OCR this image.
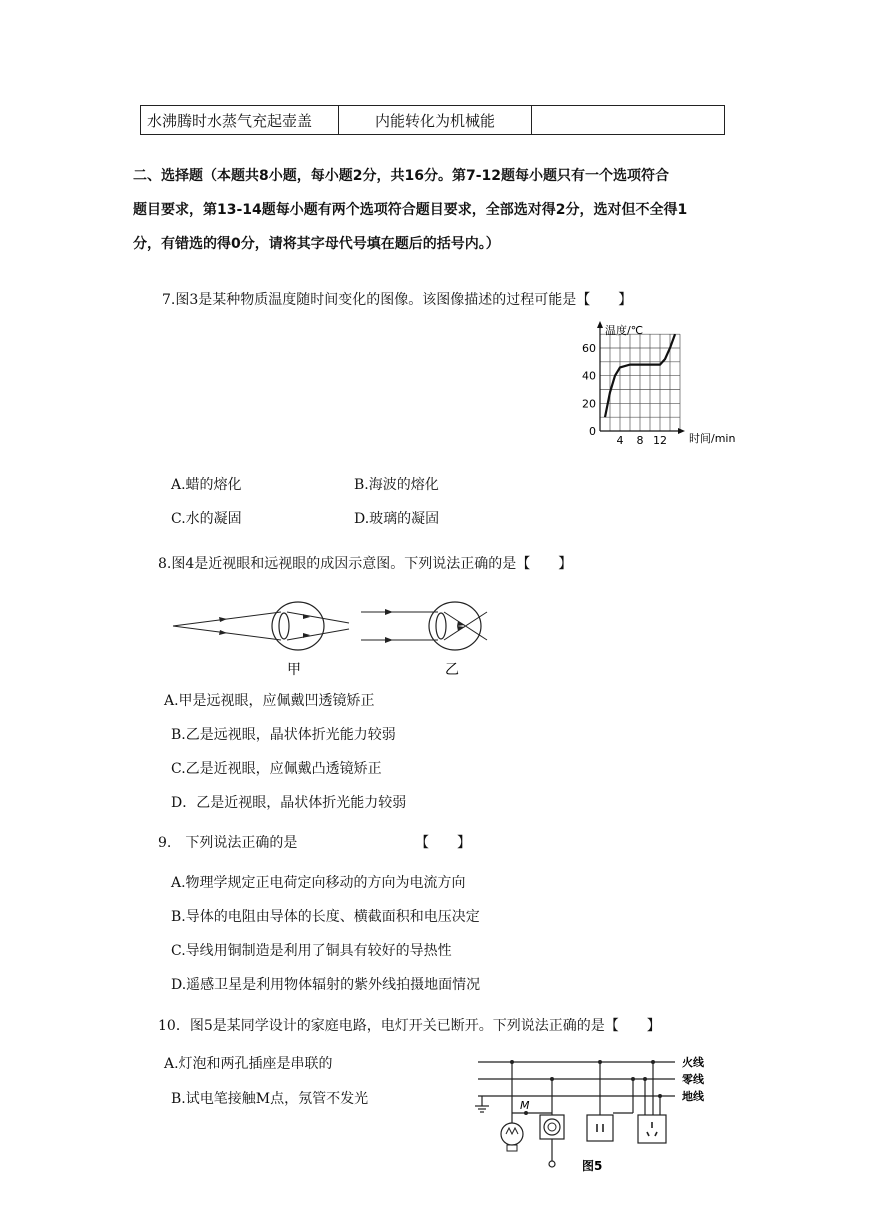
水沸腾时水蒸气充起壶盖	内能转化为机械能	
二、选择题（本题共8小题，每小题2分，共16分。第7-12题每小题只有一个选项符合
题目要求，第13-14题每小题有两个选项符合题目要求，全部选对得2分，选对但不全得1
分，有错选的得0分，请将其字母代号填在题后的括号内。）
7.图3是某种物质温度随时间变化的图像。该图像描述的过程可能是【　　】
0
20
40
60
4 8 12
温度/℃
时间/min
A.蜡的熔化	B.海波的熔化
C.水的凝固	D.玻璃的凝固
8.图4是近视眼和远视眼的成因示意图。下列说法正确的是【　　】
甲	乙
A.甲是远视眼，应佩戴凹透镜矫正
B.乙是远视眼，晶状体折光能力较弱
C.乙是近视眼，应佩戴凸透镜矫正
D．乙是近视眼，晶状体折光能力较弱
9.　下列说法正确的是	【　　】
A.物理学规定正电荷定向移动的方向为电流方向
B.导体的电阻由导体的长度、横截面积和电压决定
C.导线用铜制造是利用了铜具有较好的导热性
D.遥感卫星是利用物体辐射的紫外线拍摄地面情况
10．图5是某同学设计的家庭电路，电灯开关已断开。下列说法正确的是【　　】
A.灯泡和两孔插座是串联的
B.试电笔接触M点，氖管不发光
火线
零线
地线
M
图5
